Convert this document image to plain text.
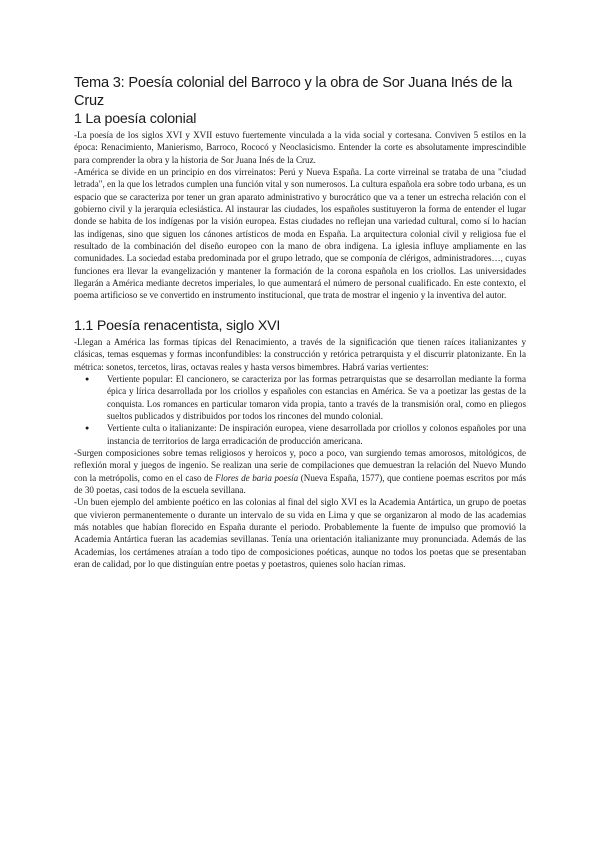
Tema 3: Poesía colonial del Barroco y la obra de Sor Juana Inés de la Cruz
1 La poesía colonial

-La poesía de los siglos XVI y XVII estuvo fuertemente vinculada a la vida social y cortesana. Conviven 5 estilos en la época: Renacimiento, Manierismo, Barroco, Rococó y Neoclasicismo. Entender la corte es absolutamente imprescindible para comprender la obra y la historia de Sor Juana Inés de la Cruz.

-América se divide en un principio en dos virreinatos: Perú y Nueva España. La corte virreinal se trataba de una "ciudad letrada", en la que los letrados cumplen una función vital y son numerosos. La cultura española era sobre todo urbana, es un espacio que se caracteriza por tener un gran aparato administrativo y burocrático que va a tener un estrecha relación con el gobierno civil y la jerarquía eclesiástica. Al instaurar las ciudades, los españoles sustituyeron la forma de entender el lugar donde se habita de los indígenas por la visión europea. Estas ciudades no reflejan una variedad cultural, como sí lo hacían las indígenas, sino que siguen los cánones artísticos de moda en España. La arquitectura colonial civil y religiosa fue el resultado de la combinación del diseño europeo con la mano de obra indígena. La iglesia influye ampliamente en las comunidades. La sociedad estaba predominada por el grupo letrado, que se componía de clérigos, administradores…, cuyas funciones era llevar la evangelización y mantener la formación de la corona española en los criollos. Las universidades llegarán a América mediante decretos imperiales, lo que aumentará el número de personal cualificado. En este contexto, el poema artificioso se ve convertido en instrumento institucional, que trata de mostrar el ingenio y la inventiva del autor.

1.1 Poesía renacentista, siglo XVI

-Llegan a América las formas típicas del Renacimiento, a través de la significación que tienen raíces italianizantes y clásicas, temas esquemas y formas inconfundibles: la construcción y retórica petrarquista y el discurrir platonizante. En la métrica: sonetos, tercetos, liras, octavas reales y hasta versos bimembres. Habrá varias vertientes:

● Vertiente popular: El cancionero, se caracteriza por las formas petrarquistas que se desarrollan mediante la forma épica y lírica desarrollada por los criollos y españoles con estancias en América. Se va a poetizar las gestas de la conquista. Los romances en particular tomaron vida propia, tanto a través de la transmisión oral, como en pliegos sueltos publicados y distribuidos por todos los rincones del mundo colonial.
● Vertiente culta o italianizante: De inspiración europea, viene desarrollada por criollos y colonos españoles por una instancia de territorios de larga erradicación de producción americana.

-Surgen composiciones sobre temas religiosos y heroicos y, poco a poco, van surgiendo temas amorosos, mitológicos, de reflexión moral y juegos de ingenio. Se realizan una serie de compilaciones que demuestran la relación del Nuevo Mundo con la metrópolis, como en el caso de Flores de baria poesía (Nueva España, 1577), que contiene poemas escritos por más de 30 poetas, casi todos de la escuela sevillana.

-Un buen ejemplo del ambiente poético en las colonias al final del siglo XVI es la Academia Antártica, un grupo de poetas que vivieron permanentemente o durante un intervalo de su vida en Lima y que se organizaron al modo de las academias más notables que habían florecido en España durante el periodo. Probablemente la fuente de impulso que promovió la Academia Antártica fueran las academias sevillanas. Tenía una orientación italianizante muy pronunciada. Además de las Academias, los certámenes atraían a todo tipo de composiciones poéticas, aunque no todos los poetas que se presentaban eran de calidad, por lo que distinguían entre poetas y poetastros, quienes solo hacían rimas.
